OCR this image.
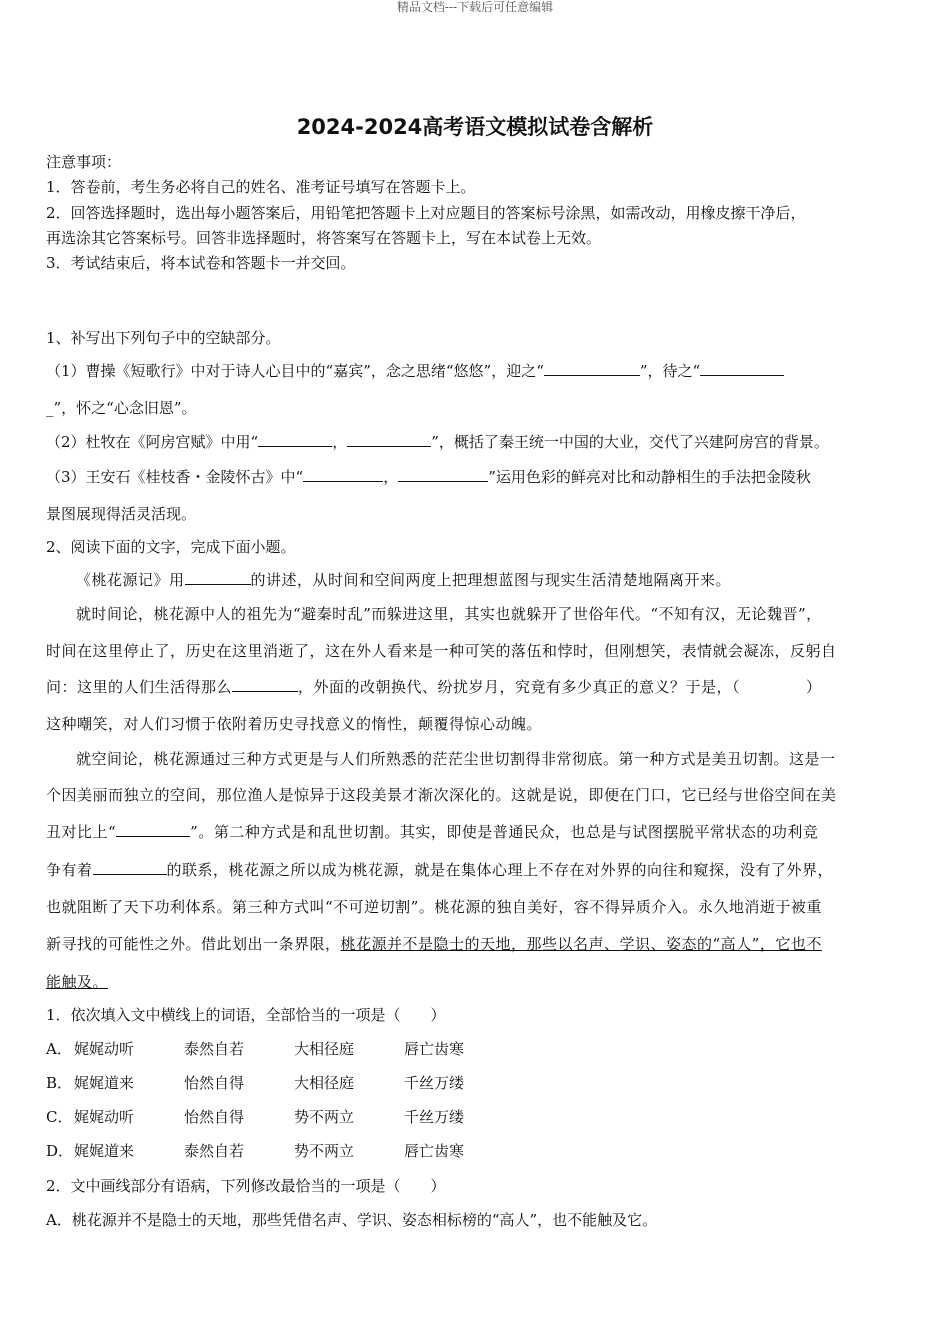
精品文档---下载后可任意编辑
2024-2024高考语文模拟试卷含解析
注意事项：
1．答卷前，考生务必将自己的姓名、准考证号填写在答题卡上。
2．回答选择题时，选出每小题答案后，用铅笔把答题卡上对应题目的答案标号涂黑，如需改动，用橡皮擦干净后，
再选涂其它答案标号。回答非选择题时，将答案写在答题卡上，写在本试卷上无效。
3．考试结束后，将本试卷和答题卡一并交回。
1、补写出下列句子中的空缺部分。
（1）曹操《短歌行》中对于诗人心目中的“嘉宾”，念之思绪“悠悠”，迎之“	”，待之“
_”，怀之“心念旧恩”。
（2）杜牧在《阿房宫赋》中用“	，	”，概括了秦王统一中国的大业，交代了兴建阿房宫的背景。
（3）王安石《桂枝香・金陵怀古》中“	，	”运用色彩的鲜亮对比和动静相生的手法把金陵秋
景图展现得活灵活现。
2、阅读下面的文字，完成下面小题。
《桃花源记》用	的讲述，从时间和空间两度上把理想蓝图与现实生活清楚地隔离开来。
就时间论，桃花源中人的祖先为“避秦时乱”而躲进这里，其实也就躲开了世俗年代。“不知有汉，无论魏晋”，
时间在这里停止了，历史在这里消逝了，这在外人看来是一种可笑的落伍和悖时，但刚想笑，表情就会凝冻，反躬自
问：这里的人们生活得那么	，外面的改朝换代、纷扰岁月，究竟有多少真正的意义？于是，（	）
这种嘲笑，对人们习惯于依附着历史寻找意义的惰性，颠覆得惊心动魄。
就空间论，桃花源通过三种方式更是与人们所熟悉的茫茫尘世切割得非常彻底。第一种方式是美丑切割。这是一
个因美丽而独立的空间，那位渔人是惊异于这段美景才渐次深化的。这就是说，即便在门口，它已经与世俗空间在美
丑对比上“	”。第二种方式是和乱世切割。其实，即使是普通民众，也总是与试图摆脱平常状态的功利竞
争有着	的联系，桃花源之所以成为桃花源，就是在集体心理上不存在对外界的向往和窥探，没有了外界，
也就阻断了天下功利体系。第三种方式叫“不可逆切割”。桃花源的独自美好，容不得异质介入。永久地消逝于被重
新寻找的可能性之外。借此划出一条界限，桃花源并不是隐士的天地，那些以名声、学识、姿态的“高人”，它也不
能触及。
1．依次填入文中横线上的词语，全部恰当的一项是（　　）
A． 娓娓动听	泰然自若	大相径庭	唇亡齿寒
B． 娓娓道来	怡然自得	大相径庭	千丝万缕
C． 娓娓动听	怡然自得	势不两立	千丝万缕
D．娓娓道来	泰然自若	势不两立	唇亡齿寒
2．文中画线部分有语病，下列修改最恰当的一项是（　　）
A．桃花源并不是隐士的天地，那些凭借名声、学识、姿态相标榜的“高人”，也不能触及它。
